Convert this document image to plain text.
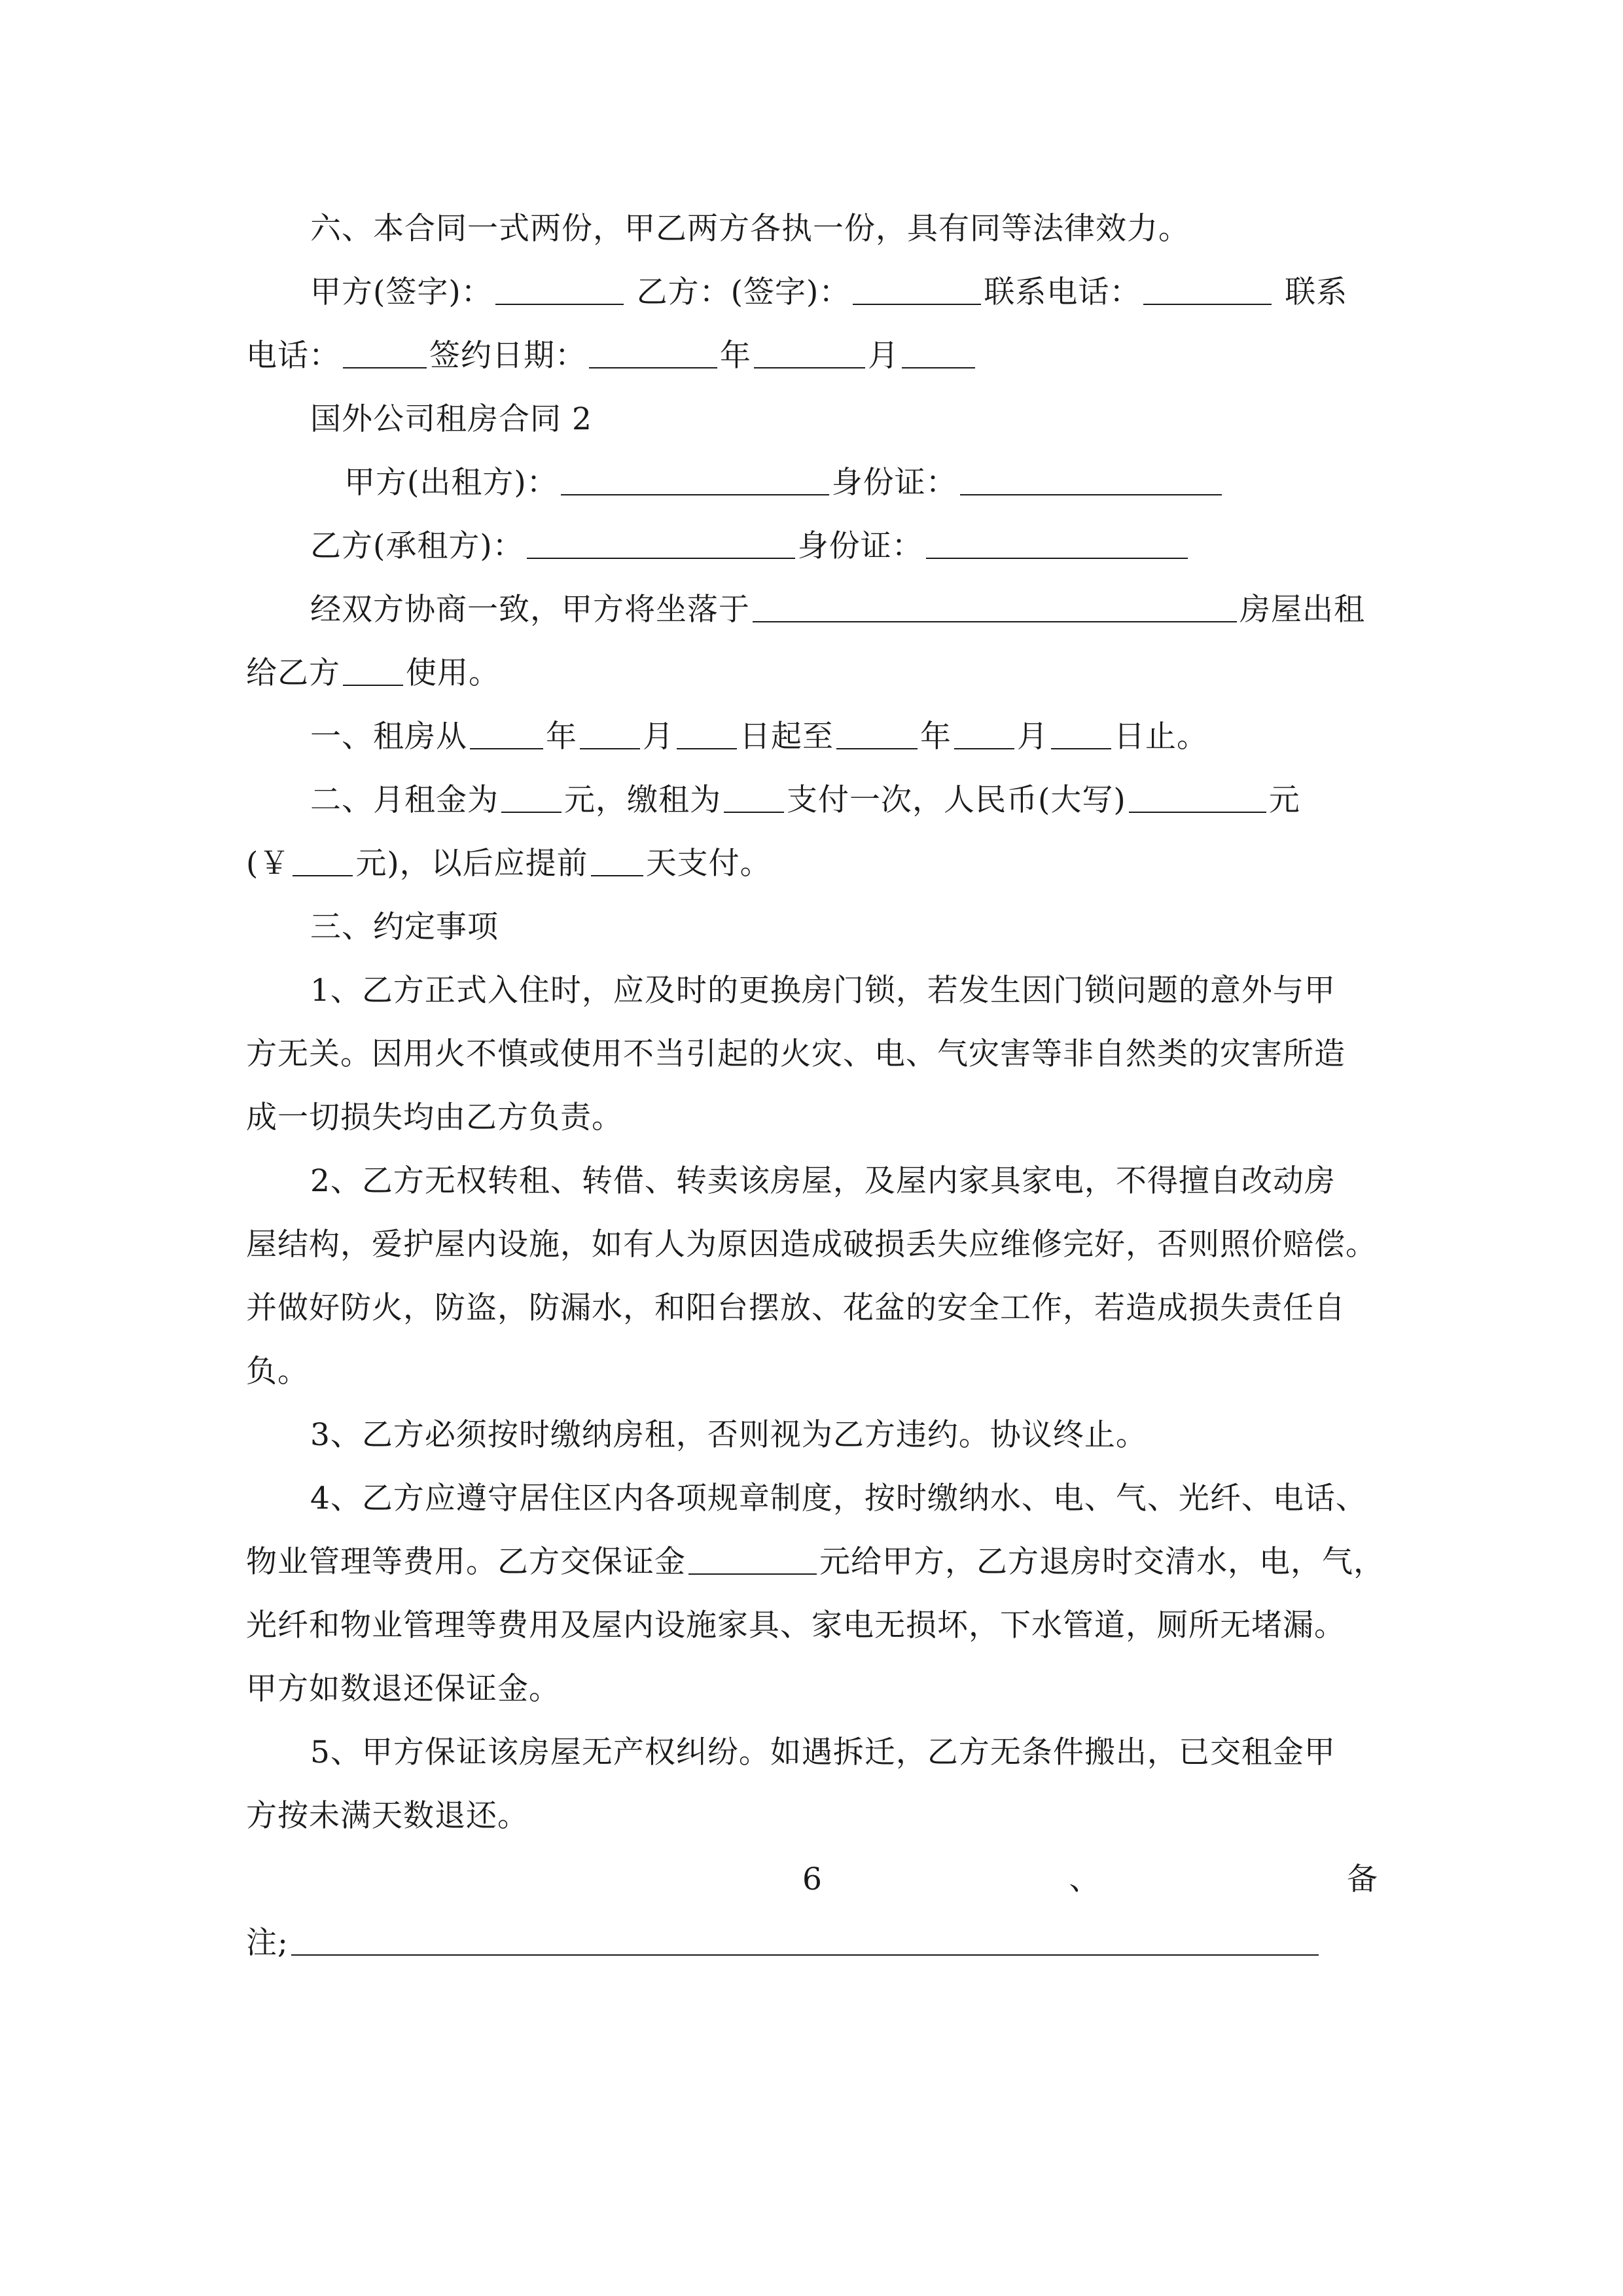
六、本合同一式两份，甲乙两方各执一份，具有同等法律效力。
甲方(签字)：	乙方：(签字)：	联系电话：	联系
电话：	签约日期：	年	月
国外公司租房合同 2
甲方(出租方)：	身份证：
乙方(承租方)：	身份证：
经双方协商一致，甲方将坐落于	房屋出租
给乙方 使用。
一、租房从	年 月 日起至	年 月 日止。
二、月租金为 元，缴租为 支付一次，人民币(大写)	元
(￥ 元)，以后应提前 天支付。
三、约定事项
1、乙方正式入住时，应及时的更换房门锁，若发生因门锁问题的意外与甲
方无关。因用火不慎或使用不当引起的火灾、电、气灾害等非自然类的灾害所造
成一切损失均由乙方负责。
2、乙方无权转租、转借、转卖该房屋，及屋内家具家电，不得擅自改动房
屋结构，爱护屋内设施，如有人为原因造成破损丢失应维修完好，否则照价赔偿。
并做好防火，防盗，防漏水，和阳台摆放、花盆的安全工作，若造成损失责任自
负。
3、乙方必须按时缴纳房租，否则视为乙方违约。协议终止。
4、乙方应遵守居住区内各项规章制度，按时缴纳水、电、气、光纤、电话、
物业管理等费用。乙方交保证金	元给甲方，乙方退房时交清水，电，气，
光纤和物业管理等费用及屋内设施家具、家电无损坏，下水管道，厕所无堵漏。
甲方如数退还保证金。
5、甲方保证该房屋无产权纠纷。如遇拆迁，乙方无条件搬出，已交租金甲
方按未满天数退还。
6	、	备
注;
